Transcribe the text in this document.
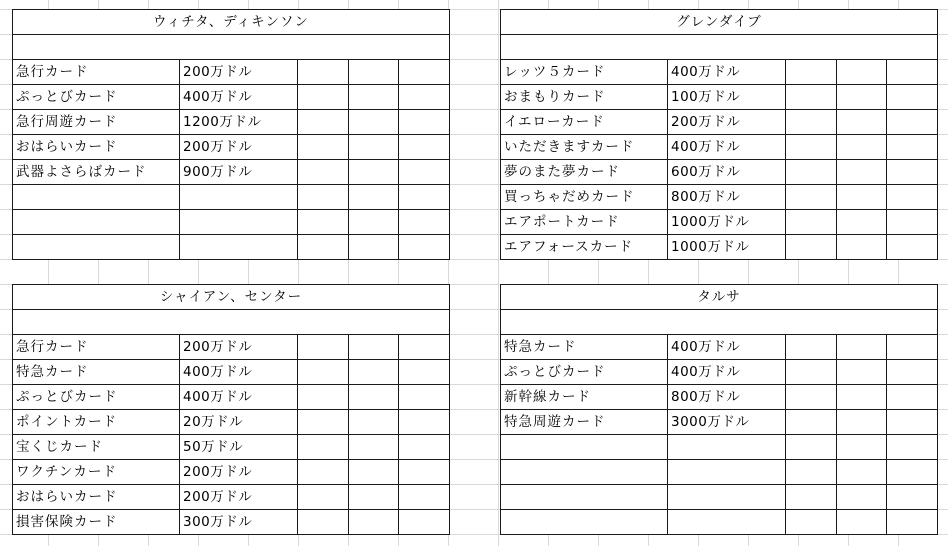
ウィチタ、ディキンソン				

急行カード	200万ドル			
ぷっとびカード	400万ドル			
急行周遊カード	1200万ドル			
おはらいカード	200万ドル			
武器よさらばカード	900万ドル			

グレンダイブ				

レッツ５カード	400万ドル			
おまもりカード	100万ドル			
イエローカード	200万ドル			
いただきますカード	400万ドル			
夢のまた夢カード	600万ドル			
買っちゃだめカード	800万ドル			
エアポートカード	1000万ドル			
エアフォースカード	1000万ドル			
シャイアン、センター				

急行カード	200万ドル			
特急カード	400万ドル			
ぷっとびカード	400万ドル			
ポイントカード	20万ドル			
宝くじカード	50万ドル			
ワクチンカード	200万ドル			
おはらいカード	200万ドル			
損害保険カード	300万ドル			
タルサ				

特急カード	400万ドル			
ぷっとびカード	400万ドル			
新幹線カード	800万ドル			
特急周遊カード	3000万ドル			
